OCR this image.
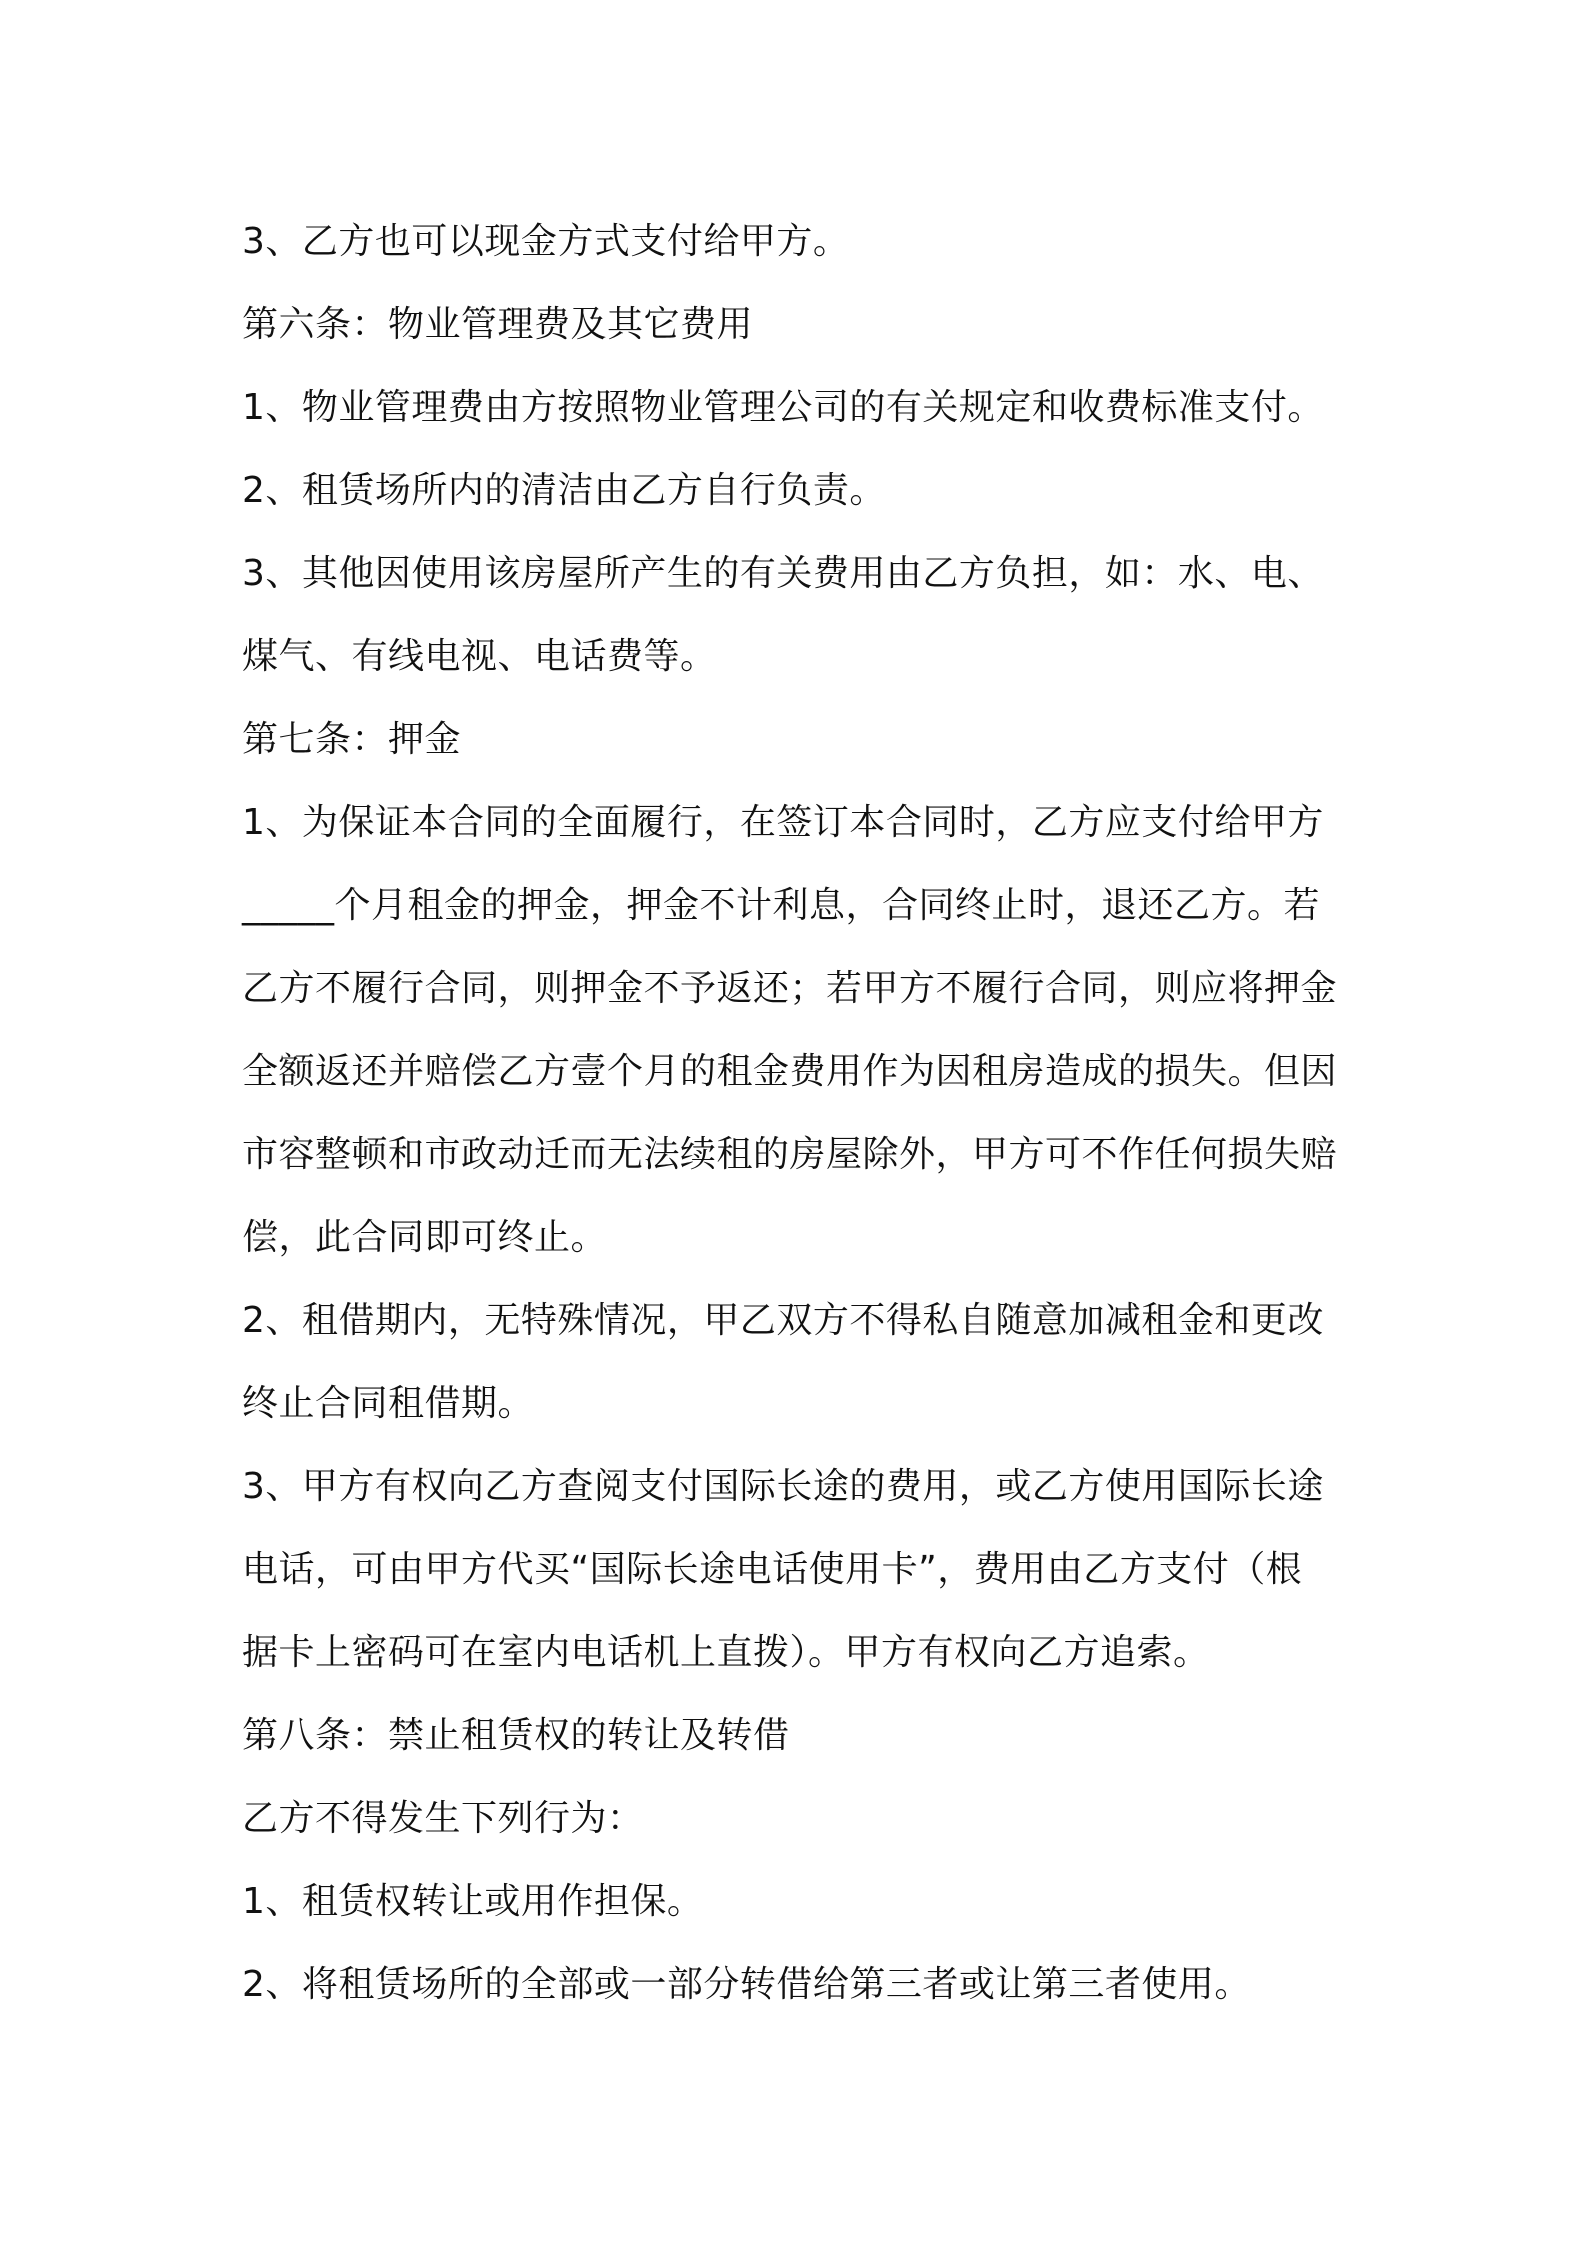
3、乙方也可以现金方式支付给甲方。
第六条：物业管理费及其它费用
1、物业管理费由方按照物业管理公司的有关规定和收费标准支付。
2、租赁场所内的清洁由乙方自行负责。
3、其他因使用该房屋所产生的有关费用由乙方负担，如：水、电、
煤气、有线电视、电话费等。
第七条：押金
1、为保证本合同的全面履行，在签订本合同时，乙方应支付给甲方
_____个月租金的押金，押金不计利息，合同终止时，退还乙方。若
乙方不履行合同，则押金不予返还；若甲方不履行合同，则应将押金
全额返还并赔偿乙方壹个月的租金费用作为因租房造成的损失。但因
市容整顿和市政动迁而无法续租的房屋除外，甲方可不作任何损失赔
偿，此合同即可终止。
2、租借期内，无特殊情况，甲乙双方不得私自随意加减租金和更改
终止合同租借期。
3、甲方有权向乙方查阅支付国际长途的费用，或乙方使用国际长途
电话，可由甲方代买“国际长途电话使用卡”，费用由乙方支付（根
据卡上密码可在室内电话机上直拨）。甲方有权向乙方追索。
第八条：禁止租赁权的转让及转借
乙方不得发生下列行为：
1、租赁权转让或用作担保。
2、将租赁场所的全部或一部分转借给第三者或让第三者使用。
